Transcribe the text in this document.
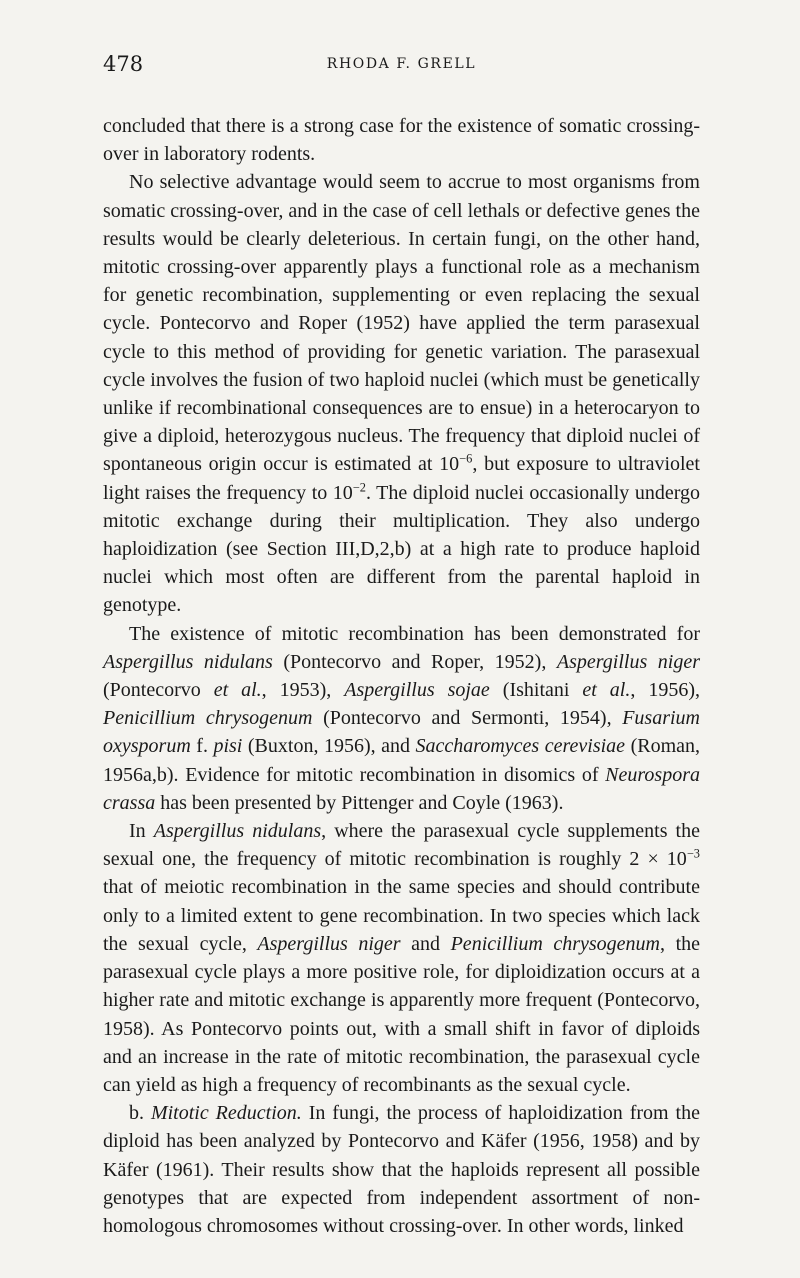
478	RHODA F. GRELL

concluded that there is a strong case for the existence of somatic crossing-over in laboratory rodents.

No selective advantage would seem to accrue to most organisms from somatic crossing-over, and in the case of cell lethals or defective genes the results would be clearly deleterious. In certain fungi, on the other hand, mitotic crossing-over apparently plays a functional role as a mechanism for genetic recombination, supplementing or even replacing the sexual cycle. Pontecorvo and Roper (1952) have applied the term parasexual cycle to this method of providing for genetic variation. The parasexual cycle involves the fusion of two haploid nuclei (which must be genetically unlike if recombinational consequences are to ensue) in a heterocaryon to give a diploid, heterozygous nucleus. The frequency that diploid nuclei of spontaneous origin occur is estimated at $10^{-6}$, but exposure to ultraviolet light raises the frequency to $10^{-2}$. The diploid nuclei occasionally undergo mitotic exchange during their multiplication. They also undergo haploidization (see Section III,D,2,b) at a high rate to produce haploid nuclei which most often are different from the parental haploid in genotype.

The existence of mitotic recombination has been demonstrated for Aspergillus nidulans (Pontecorvo and Roper, 1952), Aspergillus niger (Pontecorvo et al., 1953), Aspergillus sojae (Ishitani et al., 1956), Penicillium chrysogenum (Pontecorvo and Sermonti, 1954), Fusarium oxysporum f. pisi (Buxton, 1956), and Saccharomyces cerevisiae (Roman, 1956a,b). Evidence for mitotic recombination in disomics of Neurospora crassa has been presented by Pittenger and Coyle (1963).

In Aspergillus nidulans, where the parasexual cycle supplements the sexual one, the frequency of mitotic recombination is roughly $2 \times 10^{-3}$ that of meiotic recombination in the same species and should contribute only to a limited extent to gene recombination. In two species which lack the sexual cycle, Aspergillus niger and Penicillium chrysogenum, the parasexual cycle plays a more positive role, for diploidization occurs at a higher rate and mitotic exchange is apparently more frequent (Pontecorvo, 1958). As Pontecorvo points out, with a small shift in favor of diploids and an increase in the rate of mitotic recombination, the parasexual cycle can yield as high a frequency of recombinants as the sexual cycle.

b. Mitotic Reduction. In fungi, the process of haploidization from the diploid has been analyzed by Pontecorvo and Käfer (1956, 1958) and by Käfer (1961). Their results show that the haploids represent all possible genotypes that are expected from independent assortment of non-homologous chromosomes without crossing-over. In other words, linked
